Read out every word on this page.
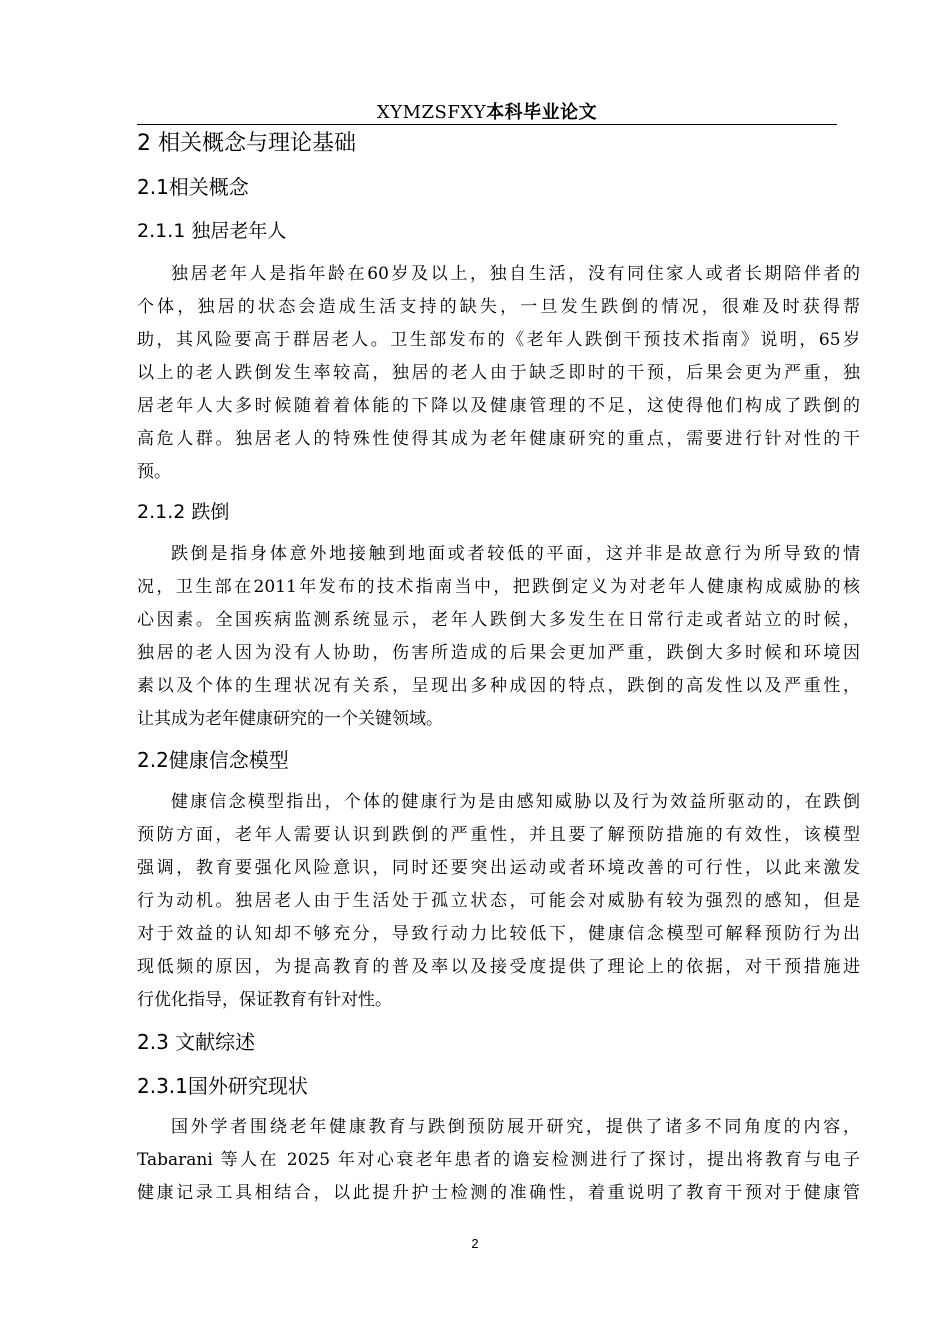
XYMZSFXY本科毕业论文
2 相关概念与理论基础
2.1相关概念
2.1.1 独居老年人
独居老年人是指年龄在60岁及以上，独自生活，没有同住家人或者长期陪伴者的
个体，独居的状态会造成生活支持的缺失，一旦发生跌倒的情况，很难及时获得帮
助，其风险要高于群居老人。卫生部发布的《老年人跌倒干预技术指南》说明，65岁
以上的老人跌倒发生率较高，独居的老人由于缺乏即时的干预，后果会更为严重，独
居老年人大多时候随着着体能的下降以及健康管理的不足，这使得他们构成了跌倒的
高危人群。独居老人的特殊性使得其成为老年健康研究的重点，需要进行针对性的干
预。
2.1.2 跌倒
跌倒是指身体意外地接触到地面或者较低的平面，这并非是故意行为所导致的情
况，卫生部在2011年发布的技术指南当中，把跌倒定义为对老年人健康构成威胁的核
心因素。全国疾病监测系统显示，老年人跌倒大多发生在日常行走或者站立的时候，
独居的老人因为没有人协助，伤害所造成的后果会更加严重，跌倒大多时候和环境因
素以及个体的生理状况有关系，呈现出多种成因的特点，跌倒的高发性以及严重性，
让其成为老年健康研究的一个关键领域。
2.2健康信念模型
健康信念模型指出，个体的健康行为是由感知威胁以及行为效益所驱动的，在跌倒
预防方面，老年人需要认识到跌倒的严重性，并且要了解预防措施的有效性，该模型
强调，教育要强化风险意识，同时还要突出运动或者环境改善的可行性，以此来激发
行为动机。独居老人由于生活处于孤立状态，可能会对威胁有较为强烈的感知，但是
对于效益的认知却不够充分，导致行动力比较低下，健康信念模型可解释预防行为出
现低频的原因，为提高教育的普及率以及接受度提供了理论上的依据，对干预措施进
行优化指导，保证教育有针对性。
2.3 文献综述
2.3.1国外研究现状
国外学者围绕老年健康教育与跌倒预防展开研究，提供了诸多不同角度的内容，
Tabarani 等人在 2025 年对心衰老年患者的谵妄检测进行了探讨，提出将教育与电子
健康记录工具相结合，以此提升护士检测的准确性，着重说明了教育干预对于健康管
2
